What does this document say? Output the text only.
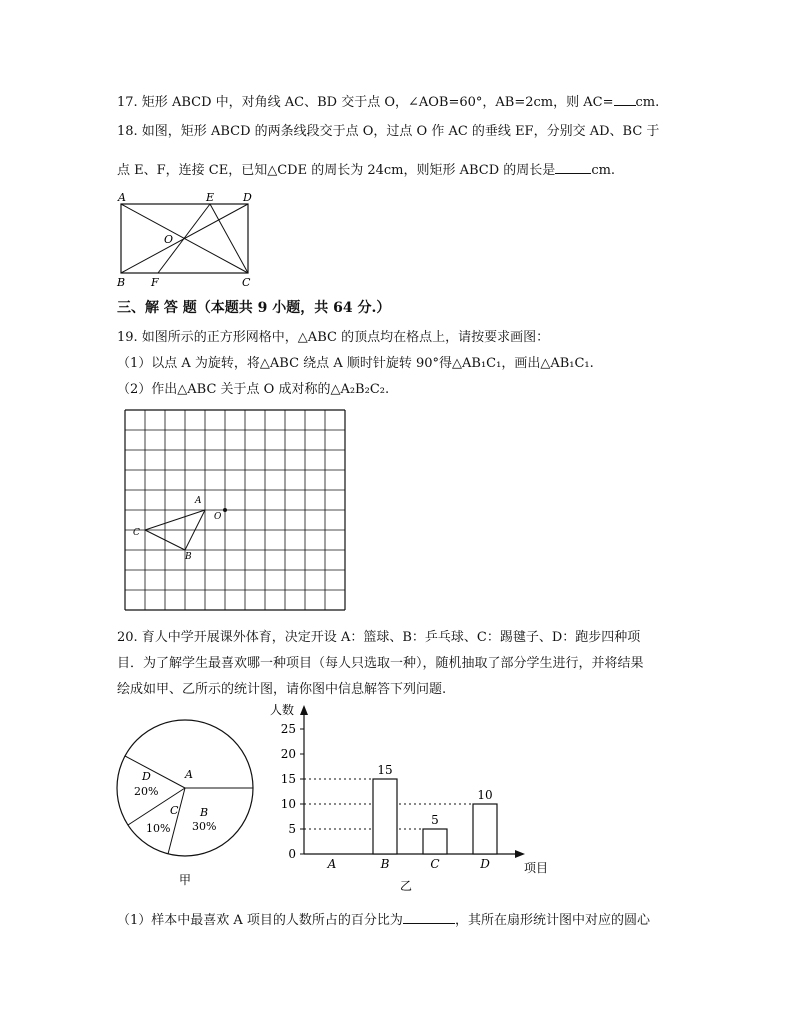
17. 矩形 ABCD 中，对角线 AC、BD 交于点 O，∠AOB=60°，AB=2cm，则 AC= cm.
18. 如图，矩形 ABCD 的两条线段交于点 O，过点 O 作 AC 的垂线 EF，分别交 AD、BC 于
点 E、F，连接 CE，已知△CDE 的周长为 24cm，则矩形 ABCD 的周长是	cm.
A	E	D
O
B F	C
三、解 答 题（本题共 9 小题，共 64 分.）
19. 如图所示的正方形网格中，△ABC 的顶点均在格点上，请按要求画图：
（1）以点 A 为旋转，将△ABC 绕点 A 顺时针旋转 90°得△AB₁C₁，画出△AB₁C₁.
（2）作出△ABC 关于点 O 成对称的△A₂B₂C₂.
A
O
C
B
20. 育人中学开展课外体育，决定开设 A：篮球、B：乒乓球、C：踢毽子、D：跑步四种项
目．为了解学生最喜欢哪一种项目（每人只选取一种），随机抽取了部分学生进行，并将结果
绘成如甲、乙所示的统计图，请你图中信息解答下列问题.
A
D
20%
C
10%
B
30%
甲
0
5
10
15
20
25
15
5
10
A	B	C	D
人数
项目
乙
（1）样本中最喜欢 A 项目的人数所占的百分比为	，其所在扇形统计图中对应的圆心
